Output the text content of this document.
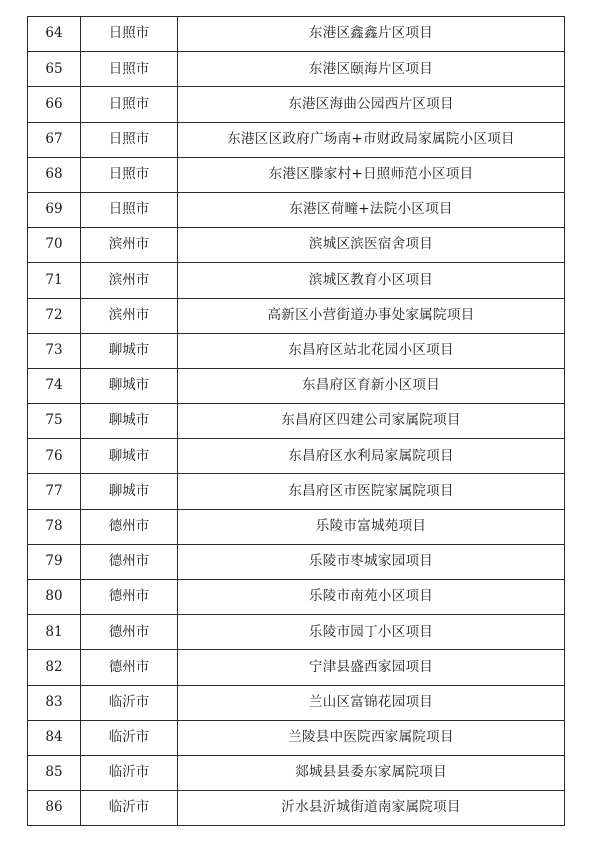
64	日照市	东港区鑫鑫片区项目
65	日照市	东港区颐海片区项目
66	日照市	东港区海曲公园西片区项目
67	日照市	东港区区政府广场南+市财政局家属院小区项目
68	日照市	东港区滕家村+日照师范小区项目
69	日照市	东港区荷疃+法院小区项目
70	滨州市	滨城区滨医宿舍项目
71	滨州市	滨城区教育小区项目
72	滨州市	高新区小营街道办事处家属院项目
73	聊城市	东昌府区站北花园小区项目
74	聊城市	东昌府区育新小区项目
75	聊城市	东昌府区四建公司家属院项目
76	聊城市	东昌府区水利局家属院项目
77	聊城市	东昌府区市医院家属院项目
78	德州市	乐陵市富城苑项目
79	德州市	乐陵市枣城家园项目
80	德州市	乐陵市南苑小区项目
81	德州市	乐陵市园丁小区项目
82	德州市	宁津县盛西家园项目
83	临沂市	兰山区富锦花园项目
84	临沂市	兰陵县中医院西家属院项目
85	临沂市	郯城县县委东家属院项目
86	临沂市	沂水县沂城街道南家属院项目
